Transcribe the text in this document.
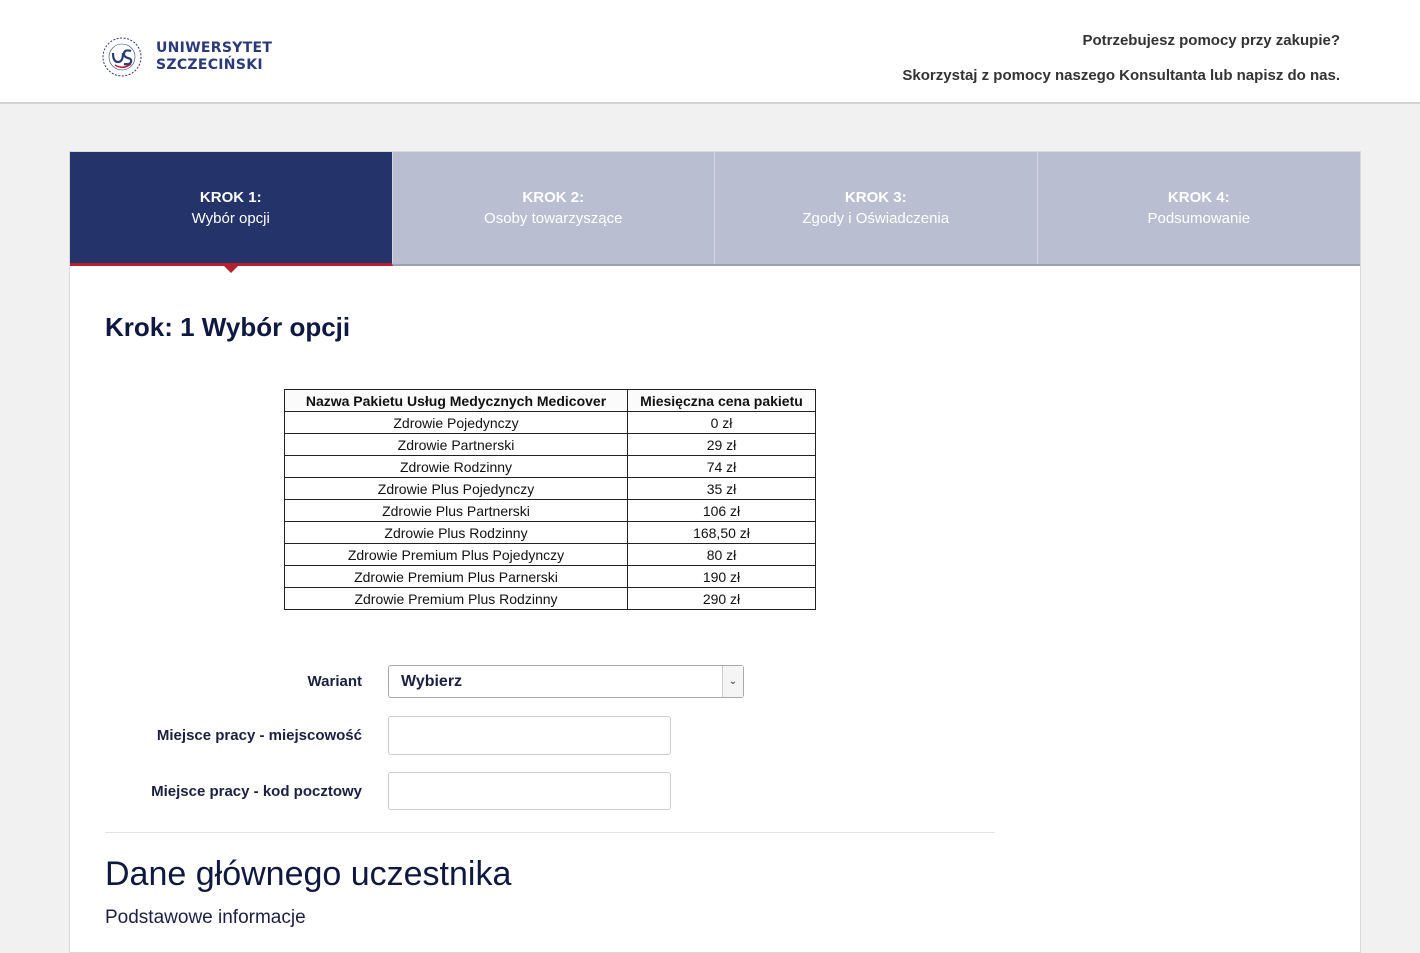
UNIWERSYTET
SZCZECIŃSKI
Potrzebujesz pomocy przy zakupie?
Skorzystaj z pomocy naszego Konsultanta lub napisz do nas.
KROK 1:
Wybór opcji
KROK 2:
Osoby towarzyszące
KROK 3:
Zgody i Oświadczenia
KROK 4:
Podsumowanie
Krok: 1 Wybór opcji
Nazwa Pakietu Usług Medycznych Medicover	Miesięczna cena pakietu
Zdrowie Pojedynczy	0 zł
Zdrowie Partnerski	29 zł
Zdrowie Rodzinny	74 zł
Zdrowie Plus Pojedynczy	35 zł
Zdrowie Plus Partnerski	106 zł
Zdrowie Plus Rodzinny	168,50 zł
Zdrowie Premium Plus Pojedynczy	80 zł
Zdrowie Premium Plus Parnerski	190 zł
Zdrowie Premium Plus Rodzinny	290 zł
Wariant	Wybierz	⌄
Miejsce pracy - miejscowość
Miejsce pracy - kod pocztowy
Dane głównego uczestnika
Podstawowe informacje
